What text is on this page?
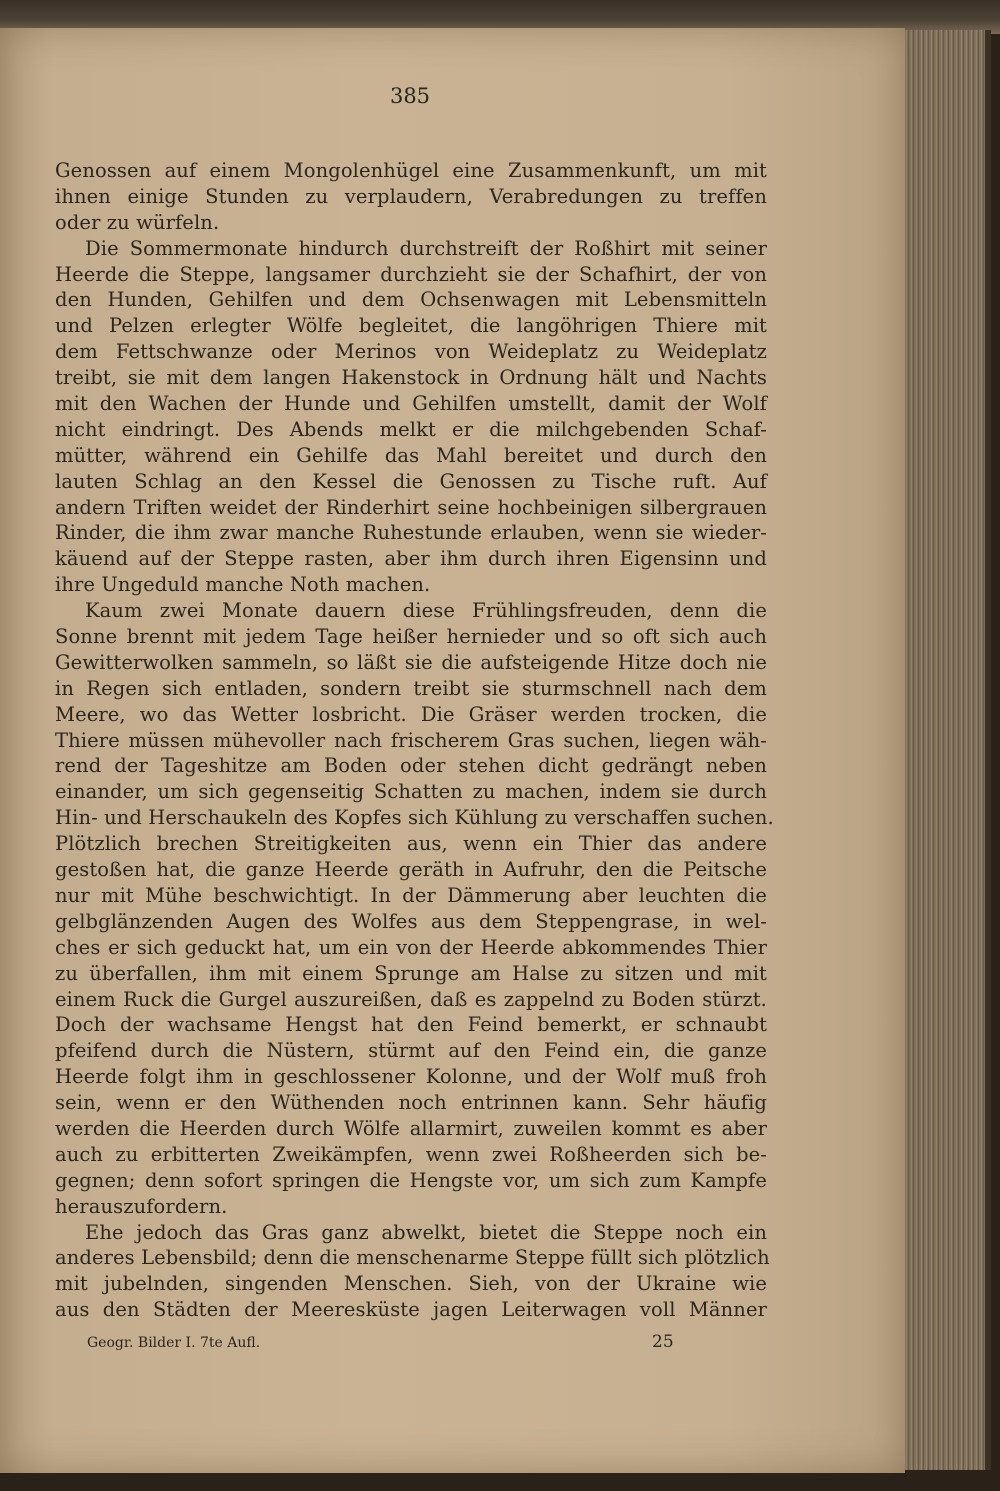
385
Genossen auf einem Mongolenhügel eine Zusammenkunft, um mit
ihnen einige Stunden zu verplaudern, Verabredungen zu treffen
oder zu würfeln.
Die Sommermonate hindurch durchstreift der Roßhirt mit seiner
Heerde die Steppe, langsamer durchzieht sie der Schafhirt, der von
den Hunden, Gehilfen und dem Ochsenwagen mit Lebensmitteln
und Pelzen erlegter Wölfe begleitet, die langöhrigen Thiere mit
dem Fettschwanze oder Merinos von Weideplatz zu Weideplatz
treibt, sie mit dem langen Hakenstock in Ordnung hält und Nachts
mit den Wachen der Hunde und Gehilfen umstellt, damit der Wolf
nicht eindringt. Des Abends melkt er die milchgebenden Schaf-
mütter, während ein Gehilfe das Mahl bereitet und durch den
lauten Schlag an den Kessel die Genossen zu Tische ruft. Auf
andern Triften weidet der Rinderhirt seine hochbeinigen silbergrauen
Rinder, die ihm zwar manche Ruhestunde erlauben, wenn sie wieder-
käuend auf der Steppe rasten, aber ihm durch ihren Eigensinn und
ihre Ungeduld manche Noth machen.
Kaum zwei Monate dauern diese Frühlingsfreuden, denn die
Sonne brennt mit jedem Tage heißer hernieder und so oft sich auch
Gewitterwolken sammeln, so läßt sie die aufsteigende Hitze doch nie
in Regen sich entladen, sondern treibt sie sturmschnell nach dem
Meere, wo das Wetter losbricht. Die Gräser werden trocken, die
Thiere müssen mühevoller nach frischerem Gras suchen, liegen wäh-
rend der Tageshitze am Boden oder stehen dicht gedrängt neben
einander, um sich gegenseitig Schatten zu machen, indem sie durch
Hin- und Herschaukeln des Kopfes sich Kühlung zu verschaffen suchen.
Plötzlich brechen Streitigkeiten aus, wenn ein Thier das andere
gestoßen hat, die ganze Heerde geräth in Aufruhr, den die Peitsche
nur mit Mühe beschwichtigt. In der Dämmerung aber leuchten die
gelbglänzenden Augen des Wolfes aus dem Steppengrase, in wel-
ches er sich geduckt hat, um ein von der Heerde abkommendes Thier
zu überfallen, ihm mit einem Sprunge am Halse zu sitzen und mit
einem Ruck die Gurgel auszureißen, daß es zappelnd zu Boden stürzt.
Doch der wachsame Hengst hat den Feind bemerkt, er schnaubt
pfeifend durch die Nüstern, stürmt auf den Feind ein, die ganze
Heerde folgt ihm in geschlossener Kolonne, und der Wolf muß froh
sein, wenn er den Wüthenden noch entrinnen kann. Sehr häufig
werden die Heerden durch Wölfe allarmirt, zuweilen kommt es aber
auch zu erbitterten Zweikämpfen, wenn zwei Roßheerden sich be-
gegnen; denn sofort springen die Hengste vor, um sich zum Kampfe
herauszufordern.
Ehe jedoch das Gras ganz abwelkt, bietet die Steppe noch ein
anderes Lebensbild; denn die menschenarme Steppe füllt sich plötzlich
mit jubelnden, singenden Menschen. Sieh, von der Ukraine wie
aus den Städten der Meeresküste jagen Leiterwagen voll Männer
Geogr. Bilder I. 7te Aufl.	25
